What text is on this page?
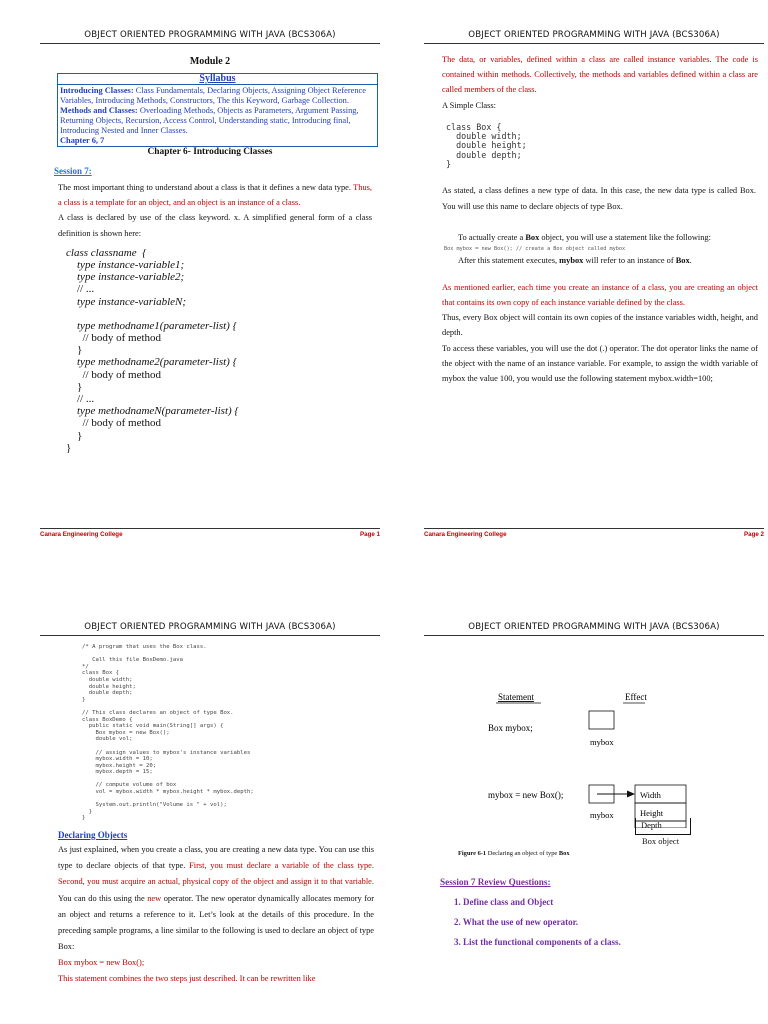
OBJECT ORIENTED PROGRAMMING WITH JAVA (BCS306A)
Module 2
Syllabus
Introducing Classes: Class Fundamentals, Declaring Objects, Assigning Object Reference Variables, Introducing Methods, Constructors, The this Keyword, Garbage Collection.
Methods and Classes: Overloading Methods, Objects as Parameters, Argument Passing, Returning Objects, Recursion, Access Control, Understanding static, Introducing final, Introducing Nested and Inner Classes.
Chapter 6, 7
Chapter 6- Introducing Classes
Session 7:
The most important thing to understand about a class is that it defines a new data type. Thus, a class is a template for an object, and an object is an instance of a class.
A class is declared by use of the class keyword. x. A simplified general form of a class definition is shown here:
class classname  {
type instance-variable1;
type instance-variable2;
// ...
type instance-variableN;
type methodname1(parameter-list) {
// body of method
}
type methodname2(parameter-list) {
// body of method
}
// ...
type methodnameN(parameter-list) {
// body of method
}
}
Canara Engineering College	Page 1
OBJECT ORIENTED PROGRAMMING WITH JAVA (BCS306A)
The data, or variables, defined within a class are called instance variables. The code is contained within methods. Collectively, the methods and variables defined within a class are called members of the class.
A Simple Class:
class Box {
double width;
double height;
double depth;
}
As stated, a class defines a new type of data. In this case, the new data type is called Box. You will use this name to declare objects of type Box.
To actually create a Box object, you will use a statement like the following:
Box mybox = new Box(); // create a Box object called mybox
After this statement executes, mybox will refer to an instance of Box.
As mentioned earlier, each time you create an instance of a class, you are creating an object that contains its own copy of each instance variable defined by the class.
Thus, every Box object will contain its own copies of the instance variables width, height, and depth.
To access these variables, you will use the dot (.) operator. The dot operator links the name of the object with the name of an instance variable. For example, to assign the width variable of mybox the value 100, you would use the following statement mybox.width=100;
Canara Engineering College	Page 2
OBJECT ORIENTED PROGRAMMING WITH JAVA (BCS306A)
/* A program that uses the Box class.

Call this file BoxDemo.java
*/
class Box {
double width;
double height;
double depth;
}

// This class declares an object of type Box.
class BoxDemo {
public static void main(String[] args) {
Box mybox = new Box();
double vol;

// assign values to mybox's instance variables
mybox.width = 10;
mybox.height = 20;
mybox.depth = 15;

// compute volume of box
vol = mybox.width * mybox.height * mybox.depth;

System.out.println("Volume is " + vol);
}
}
Declaring Objects
As just explained, when you create a class, you are creating a new data type. You can use this type to declare objects of that type. First, you must declare a variable of the class type. Second, you must acquire an actual, physical copy of the object and assign it to that variable. You can do this using the new operator. The new operator dynamically allocates memory for an object and returns a reference to it. Let’s look at the details of this procedure. In the preceding sample programs, a line similar to the following is used to declare an object of type Box:
Box mybox = new Box();
This statement combines the two steps just described. It can be rewritten like
OBJECT ORIENTED PROGRAMMING WITH JAVA (BCS306A)
Statement	Effect
Box mybox;
mybox
mybox = new Box();
mybox
Width
Height
Depth
Box object
Figure 6-1 Declaring an object of type Box
Session 7 Review Questions:
1. Define class and Object
2. What the use of new operator.
3. List the functional components of a class.
